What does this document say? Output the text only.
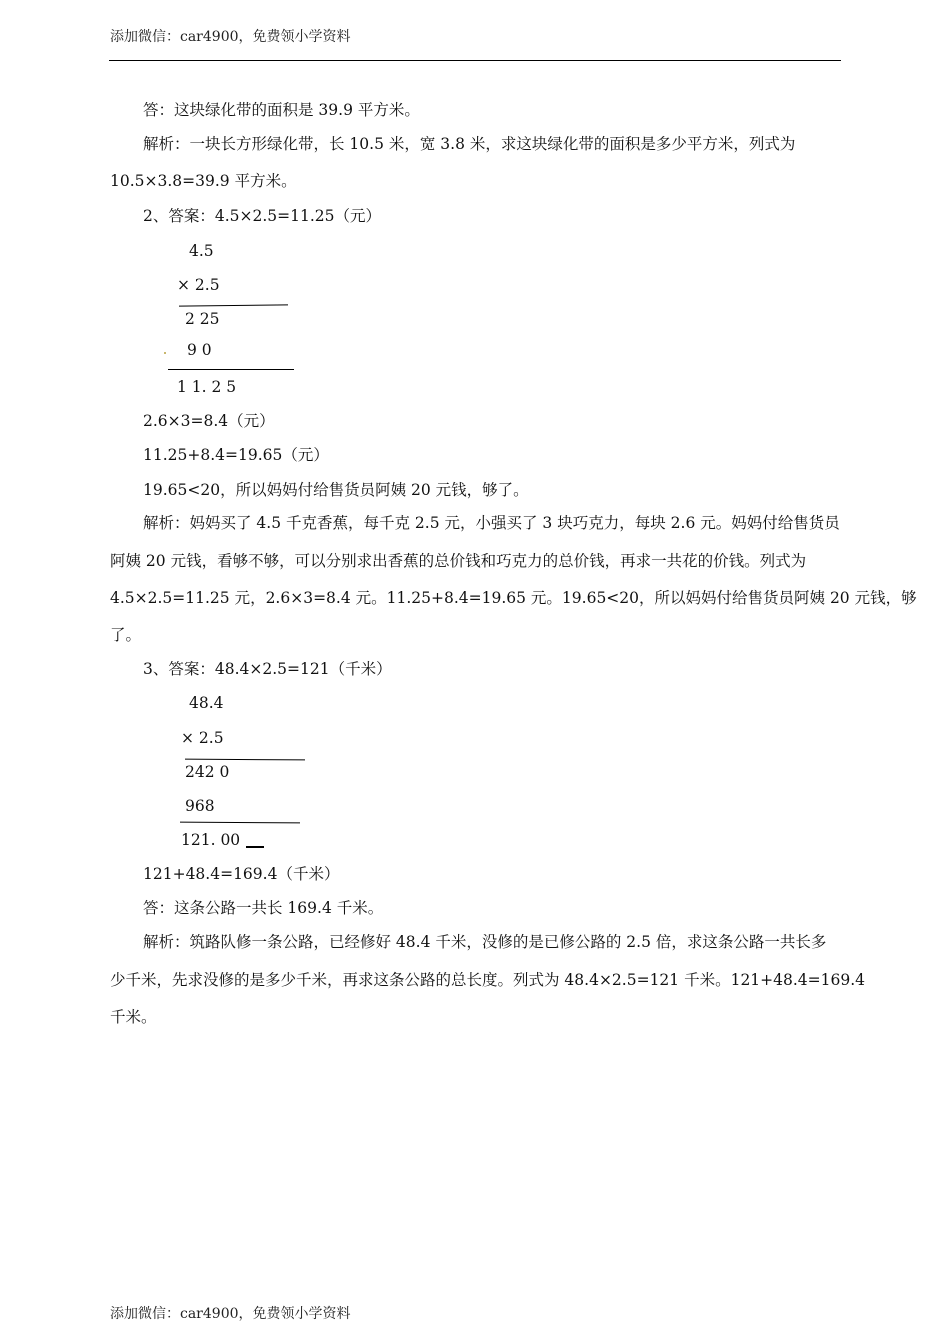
添加微信：car4900，免费领小学资料
答：这块绿化带的面积是 39.9 平方米。
解析：一块长方形绿化带，长 10.5 米，宽 3.8 米，求这块绿化带的面积是多少平方米，列式为
10.5×3.8=39.9 平方米。
2、答案：4.5×2.5=11.25（元）
4.5
× 2.5
2 25
9 0
1 1. 2 5
2.6×3=8.4（元）
11.25+8.4=19.65（元）
19.65<20，所以妈妈付给售货员阿姨 20 元钱，够了。
解析：妈妈买了 4.5 千克香蕉，每千克 2.5 元，小强买了 3 块巧克力，每块 2.6 元。妈妈付给售货员
阿姨 20 元钱，看够不够，可以分别求出香蕉的总价钱和巧克力的总价钱，再求一共花的价钱。列式为
4.5×2.5=11.25 元，2.6×3=8.4 元。11.25+8.4=19.65 元。19.65<20，所以妈妈付给售货员阿姨 20 元钱，够
了。
3、答案：48.4×2.5=121（千米）
48.4
× 2.5
242 0
968
121. 00
121+48.4=169.4（千米）
答：这条公路一共长 169.4 千米。
解析：筑路队修一条公路，已经修好 48.4 千米，没修的是已修公路的 2.5 倍，求这条公路一共长多
少千米，先求没修的是多少千米，再求这条公路的总长度。列式为 48.4×2.5=121 千米。121+48.4=169.4
千米。
添加微信：car4900，免费领小学资料
